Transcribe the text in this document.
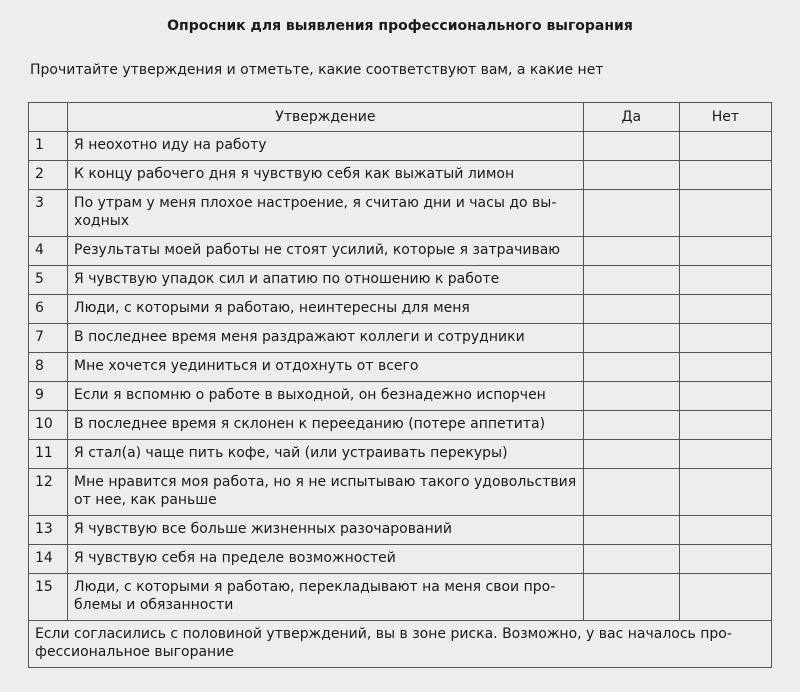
Опросник для выявления профессионального выгорания
Прочитайте утверждения и отметьте, какие соответствуют вам, а какие нет
	Утверждение	Да	Нет
1	Я неохотно иду на работу		
2	К концу рабочего дня я чувствую себя как выжатый лимон		
3	По утрам у меня плохое настроение, я считаю дни и часы до выходных		
4	Результаты моей работы не стоят усилий, которые я затрачиваю		
5	Я чувствую упадок сил и апатию по отношению к работе		
6	Люди, с которыми я работаю, неинтересны для меня		
7	В последнее время меня раздражают коллеги и сотрудники		
8	Мне хочется уединиться и отдохнуть от всего		
9	Если я вспомню о работе в выходной, он безнадежно испорчен		
10	В последнее время я склонен к перееданию (потере аппетита)		
11	Я стал(а) чаще пить кофе, чай (или устраивать перекуры)		
12	Мне нравится моя работа, но я не испытываю такого удовольствия от нее, как раньше		
13	Я чувствую все больше жизненных разочарований		
14	Я чувствую себя на пределе возможностей		
15	Люди, с которыми я работаю, перекладывают на меня свои проблемы и обязанности		
Если согласились с половиной утверждений, вы в зоне риска. Возможно, у вас началось профессиональное выгорание			
